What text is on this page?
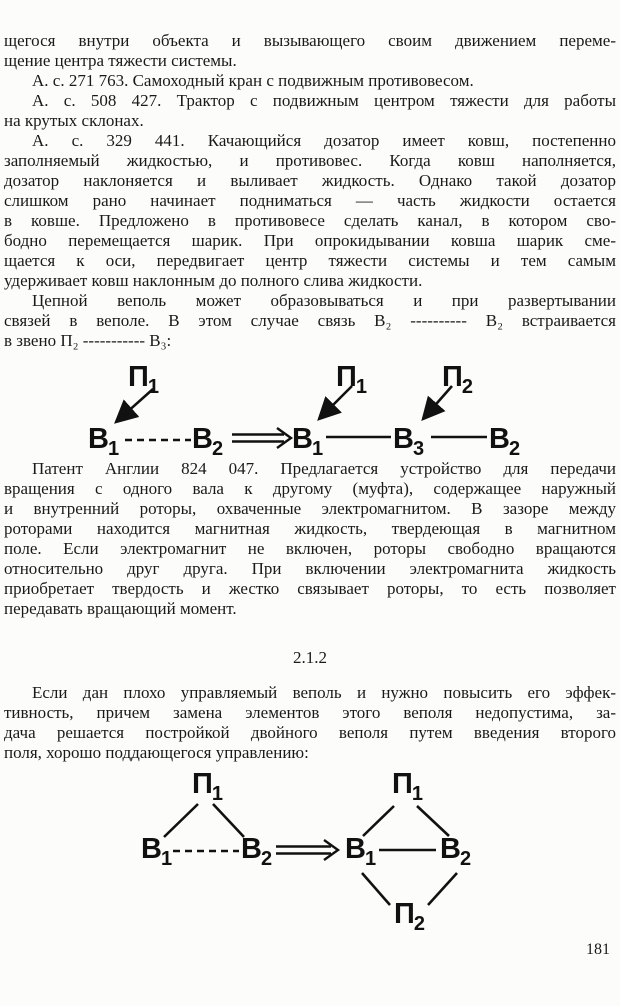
щегося внутри объекта и вызывающего своим движением переме-
щение центра тяжести системы.
А. с. 271 763. Самоходный кран с подвижным противовесом.
А. с. 508 427. Трактор с подвижным центром тяжести для работы
на крутых склонах.
А. с. 329 441. Качающийся дозатор имеет ковш, постепенно
заполняемый жидкостью, и противовес. Когда ковш наполняется,
дозатор наклоняется и выливает жидкость. Однако такой дозатор
слишком рано начинает подниматься — часть жидкости остается
в ковше. Предложено в противовесе сделать канал, в котором сво-
бодно перемещается шарик. При опрокидывании ковша шарик сме-
щается к оси, передвигает центр тяжести системы и тем самым
удерживает ковш наклонным до полного слива жидкости.
Цепной веполь может образовываться и при развертывании
связей в веполе. В этом случае связь В₂ ---------- В₂ встраивается
в звено П₂ ----------- В₃:
П1
В1	В2 В1
П1
В3
П2
В2
Патент Англии 824 047. Предлагается устройство для передачи
вращения с одного вала к другому (муфта), содержащее наружный
и внутренний роторы, охваченные электромагнитом. В зазоре между
роторами находится магнитная жидкость, твердеющая в магнитном
поле. Если электромагнит не включен, роторы свободно вращаются
относительно друг друга. При включении электромагнита жидкость
приобретает твердость и жестко связывает роторы, то есть позволяет
передавать вращающий момент.
2.1.2
Если дан плохо управляемый веполь и нужно повысить его эффек-
тивность, причем замена элементов этого веполя недопустима, за-
дача решается постройкой двойного веполя путем введения второго
поля, хорошо поддающегося управлению:
П1
В1 В2	В1
П1
В2
П2
181
